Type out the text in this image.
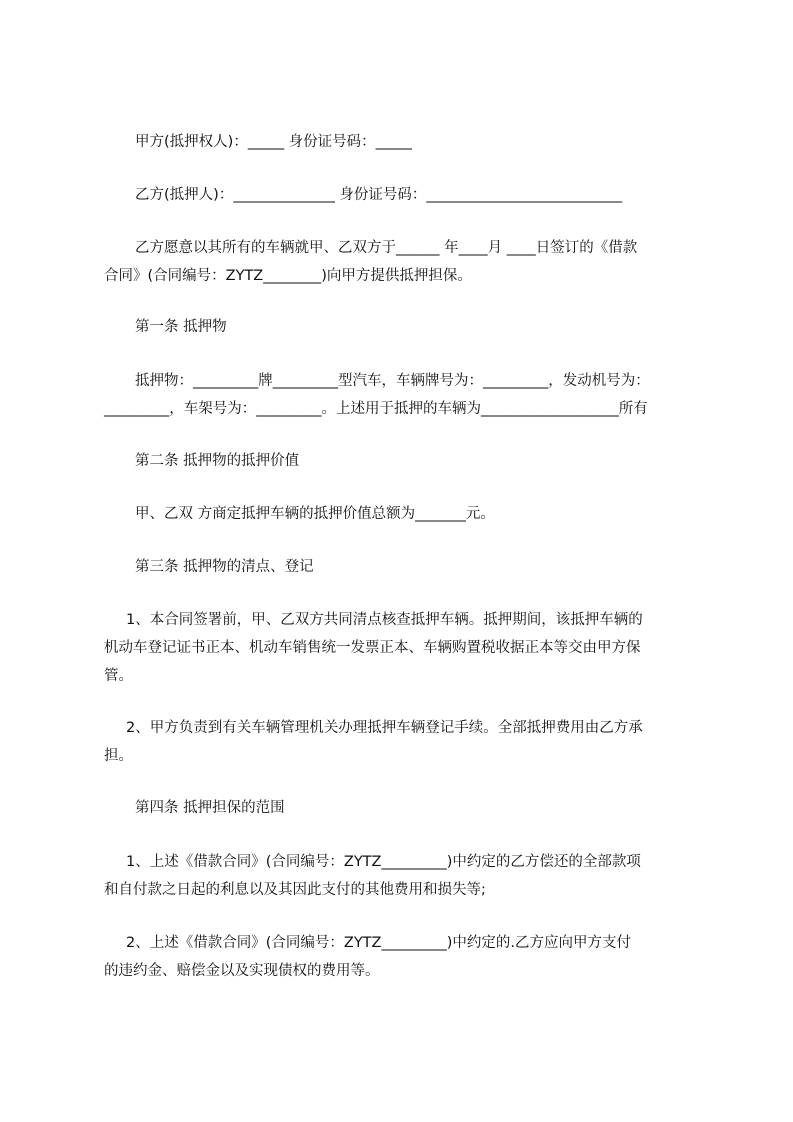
甲方(抵押权人)：_____ 身份证号码：_____
乙方(抵押人)：______________ 身份证号码：___________________________
乙方愿意以其所有的车辆就甲、乙双方于______ 年____月 ____日签订的《借款
合同》(合同编号：ZYTZ________)向甲方提供抵押担保。
第一条 抵押物
抵押物：_________牌_________型汽车，车辆牌号为：_________，发动机号为：
_________，车架号为：_________。上述用于抵押的车辆为___________________所有
第二条 抵押物的抵押价值
甲、乙双 方商定抵押车辆的抵押价值总额为_______元。
第三条 抵押物的清点、登记
1、本合同签署前，甲、乙双方共同清点核查抵押车辆。抵押期间，该抵押车辆的
机动车登记证书正本、机动车销售统一发票正本、车辆购置税收据正本等交由甲方保
管。
2、甲方负责到有关车辆管理机关办理抵押车辆登记手续。全部抵押费用由乙方承
担。
第四条 抵押担保的范围
1、上述《借款合同》(合同编号：ZYTZ_________)中约定的乙方偿还的全部款项
和自付款之日起的利息以及其因此支付的其他费用和损失等;
2、上述《借款合同》(合同编号：ZYTZ_________)中约定的.乙方应向甲方支付
的违约金、赔偿金以及实现债权的费用等。
